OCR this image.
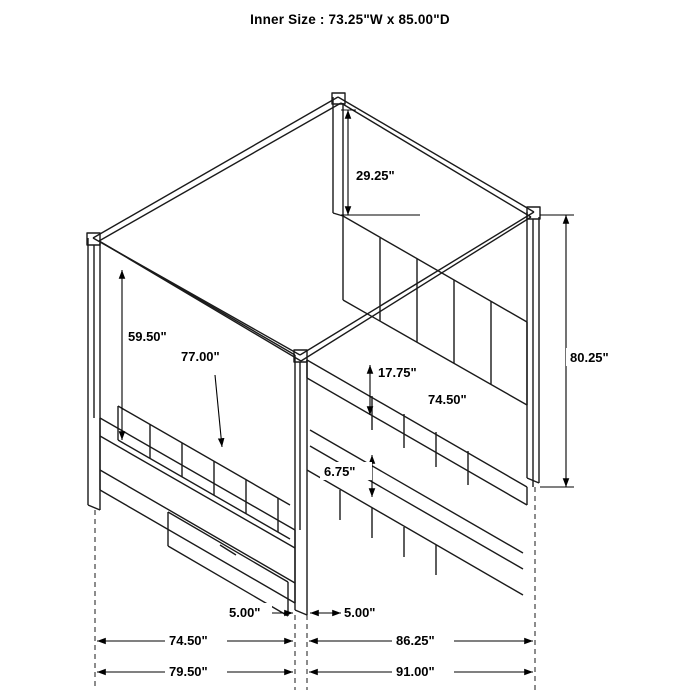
Inner Size : 73.25"W x 85.00"D
29.25"
59.50"
77.00"	80.25"
17.75"
74.50"
6.75"
74.50"	86.25"
79.50"	91.00"
5.00"	5.00"
